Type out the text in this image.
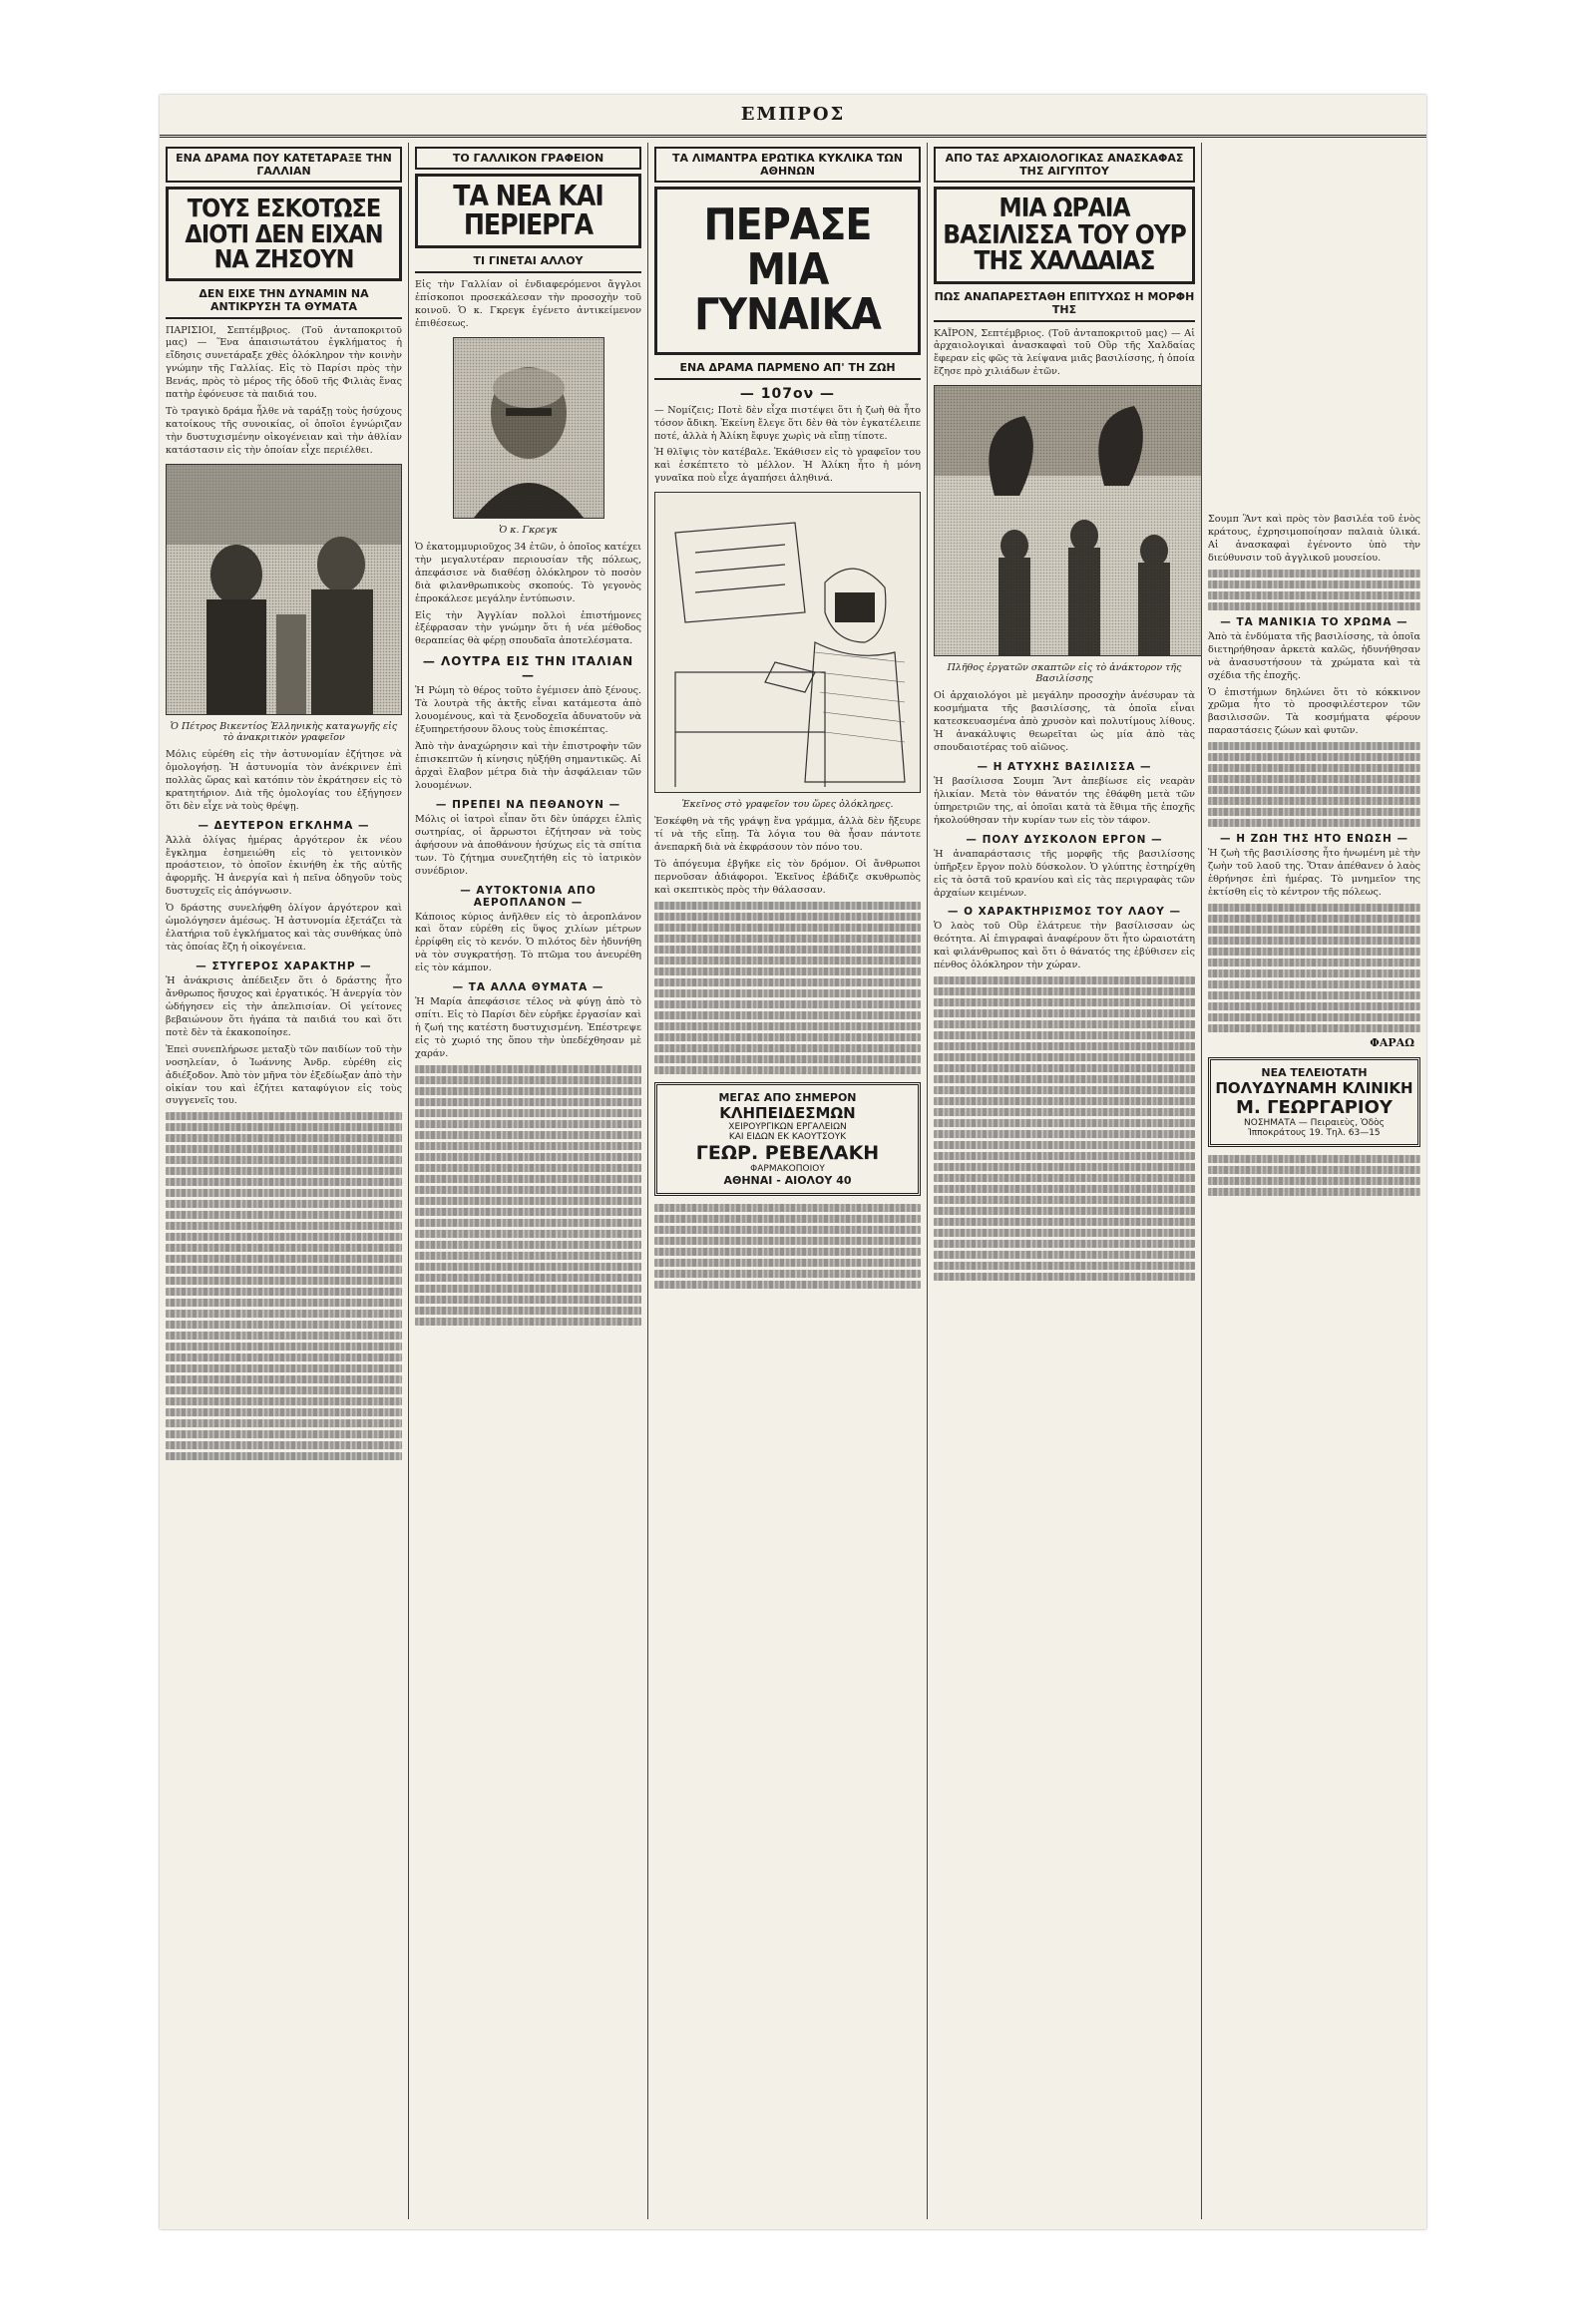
ΕΜΠΡΟΣ
ΕΝΑ ΔΡΑΜΑ ΠΟΥ ΚΑΤΕΤΑΡΑΞΕ ΤΗΝ ΓΑΛΛΙΑΝ
ΤΟΥΣ ΕΣΚΟΤΩΣΕ ΔΙΟΤΙ ΔΕΝ ΕΙΧΑΝ ΝΑ ΖΗΣΟΥΝ
ΔΕΝ ΕΙΧΕ ΤΗΝ ΔΥΝΑΜΙΝ ΝΑ ΑΝΤΙΚΡΥΣΗ ΤΑ ΘΥΜΑΤΑ

ΠΑΡΙΣΙΟΙ, Σεπτέμβριος. (Τοῦ ἀνταποκριτοῦ μας) — Ἕνα ἀπαισιωτάτου ἐγκλήματος ἡ εἴδησις συνετάραξε χθὲς ὁλόκληρον τὴν κοινὴν γνώμην τῆς Γαλλίας. Εἰς τὸ Παρίσι πρὸς τὴν Βενάς, πρὸς τὸ μέρος τῆς ὁδοῦ τῆς Φιλιὰς ἕνας πατὴρ ἐφόνευσε τὰ παιδιά του.

Τὸ τραγικὸ δράμα ἦλθε νὰ ταράξῃ τοὺς ἡσύχους κατοίκους τῆς συνοικίας, οἱ ὁποῖοι ἐγνώριζαν τὴν δυστυχισμένην οἰκογένειαν καὶ τὴν ἀθλίαν κατάστασιν εἰς τὴν ὁποίαν εἶχε περιέλθει.

Ὁ Πέτρος Βικεντίος Ἑλληνικὴς καταγωγῆς εἰς τὸ ἀνακριτικὸν γραφεῖον

Μόλις εὑρέθη εἰς τὴν ἀστυνομίαν ἐζήτησε νὰ ὁμολογήσῃ. Ἡ ἀστυνομία τὸν ἀνέκρινεν ἐπὶ πολλὰς ὥρας καὶ κατόπιν τὸν ἐκράτησεν εἰς τὸ κρατητήριον. Διὰ τῆς ὁμολογίας του ἐξήγησεν ὅτι δὲν εἶχε νὰ τοὺς θρέψῃ.

— ΔΕΥΤΕΡΟΝ ΕΓΚΛΗΜΑ —

Ἀλλὰ ὀλίγας ἡμέρας ἀργότερον ἐκ νέου ἔγκλημα ἐσημειώθη εἰς τὸ γειτονικὸν προάστειον, τὸ ὁποῖον ἐκινήθη ἐκ τῆς αὐτῆς ἀφορμῆς. Ἡ ἀνεργία καὶ ἡ πεῖνα ὁδηγοῦν τοὺς δυστυχεῖς εἰς ἀπόγνωσιν.

Ὁ δράστης συνελήφθη ὀλίγον ἀργότερον καὶ ὡμολόγησεν ἀμέσως. Ἡ ἀστυνομία ἐξετάζει τὰ ἐλατήρια τοῦ ἐγκλήματος καὶ τὰς συνθήκας ὑπὸ τὰς ὁποίας ἔζη ἡ οἰκογένεια.

— ΣΤΥΓΕΡΟΣ ΧΑΡΑΚΤΗΡ —

Ἡ ἀνάκρισις ἀπέδειξεν ὅτι ὁ δράστης ἦτο ἄνθρωπος ἥσυχος καὶ ἐργατικός. Ἡ ἀνεργία τὸν ὡδήγησεν εἰς τὴν ἀπελπισίαν. Οἱ γείτονες βεβαιώνουν ὅτι ἠγάπα τὰ παιδιά του καὶ ὅτι ποτὲ δὲν τὰ ἐκακοποίησε.

Ἐπεὶ συνεπλήρωσε μεταξὺ τῶν παιδίων τοῦ τὴν νοσηλείαν, ὁ Ἰωάννης Ἀνδρ. εὑρέθη εἰς ἀδιέξοδον. Ἀπὸ τὸν μῆνα τὸν ἐξεδίωξαν ἀπὸ τὴν οἰκίαν του καὶ ἐζήτει καταφύγιον εἰς τοὺς συγγενεῖς του.

ΤΟ ΓΑΛΛΙΚΟΝ ΓΡΑΦΕΙΟΝ
ΤΑ ΝΕΑ ΚΑΙ ΠΕΡΙΕΡΓΑ
ΤΙ ΓΙΝΕΤΑΙ ΑΛΛΟΥ

Εἰς τὴν Γαλλίαν οἱ ἐνδιαφερόμενοι ἄγγλοι ἐπίσκοποι προσεκάλεσαν τὴν προσοχὴν τοῦ κοινοῦ. Ὁ κ. Γκρεγκ ἐγένετο ἀντικείμενον ἐπιθέσεως.

Ὁ κ. Γκρεγκ

Ὁ ἐκατομμυριοῦχος 34 ἐτῶν, ὁ ὁποῖος κατέχει τὴν μεγαλυτέραν περιουσίαν τῆς πόλεως, ἀπεφάσισε νὰ διαθέσῃ ὁλόκληρον τὸ ποσὸν διὰ φιλανθρωπικοὺς σκοπούς. Τὸ γεγονὸς ἐπροκάλεσε μεγάλην ἐντύπωσιν.

Εἰς τὴν Ἀγγλίαν πολλοὶ ἐπιστήμονες ἐξέφρασαν τὴν γνώμην ὅτι ἡ νέα μέθοδος θεραπείας θὰ φέρῃ σπουδαῖα ἀποτελέσματα.

— ΛΟΥΤΡΑ ΕΙΣ ΤΗΝ ΙΤΑΛΙΑΝ —

Ἡ Ρώμη τὸ θέρος τοῦτο ἐγέμισεν ἀπὸ ξένους. Τὰ λουτρὰ τῆς ἀκτῆς εἶναι κατάμεστα ἀπὸ λουομένους, καὶ τὰ ξενοδοχεῖα ἀδυνατοῦν νὰ ἐξυπηρετήσουν ὅλους τοὺς ἐπισκέπτας.

Ἀπὸ τὴν ἀναχώρησιν καὶ τὴν ἐπιστροφὴν τῶν ἐπισκεπτῶν ἡ κίνησις ηὐξήθη σημαντικῶς. Αἱ ἀρχαὶ ἔλαβον μέτρα διὰ τὴν ἀσφάλειαν τῶν λουομένων.

— ΠΡΕΠΕΙ ΝΑ ΠΕΘΑΝΟΥΝ —

Μόλις οἱ ἰατροὶ εἶπαν ὅτι δὲν ὑπάρχει ἐλπὶς σωτηρίας, οἱ ἄρρωστοι ἐζήτησαν νὰ τοὺς ἀφήσουν νὰ ἀποθάνουν ἡσύχως εἰς τὰ σπίτια των. Τὸ ζήτημα συνεζητήθη εἰς τὸ ἰατρικὸν συνέδριον.

— ΑΥΤΟΚΤΟΝΙΑ ΑΠΟ ΑΕΡΟΠΛΑΝΟΝ —

Κάποιος κύριος ἀνῆλθεν εἰς τὸ ἀεροπλάνον καὶ ὅταν εὑρέθη εἰς ὕψος χιλίων μέτρων ἐρρίφθη εἰς τὸ κενόν. Ὁ πιλότος δὲν ἠδυνήθη νὰ τὸν συγκρατήσῃ. Τὸ πτῶμα του ἀνευρέθη εἰς τὸν κάμπον.

— ΤΑ ΑΛΛΑ ΘΥΜΑΤΑ —

Ἡ Μαρία ἀπεφάσισε τέλος νὰ φύγῃ ἀπὸ τὸ σπίτι. Εἰς τὸ Παρίσι δὲν εὑρῆκε ἐργασίαν καὶ ἡ ζωή της κατέστη δυστυχισμένη. Ἐπέστρεψε εἰς τὸ χωριό της ὅπου τὴν ὑπεδέχθησαν μὲ χαράν.

ΤΑ ΛΙΜΑΝΤΡΑ ΕΡΩΤΙΚΑ ΚΥΚΛΙΚΑ ΤΩΝ ΑΘΗΝΩΝ
ΠΕΡΑΣΕ ΜΙΑ ΓΥΝΑΙΚΑ
ΕΝΑ ΔΡΑΜΑ ΠΑΡΜΕΝΟ ΑΠ' ΤΗ ΖΩΗ
— 107ον —

— Νομίζεις; Ποτὲ δὲν εἶχα πιστέψει ὅτι ἡ ζωὴ θὰ ἦτο τόσον ἄδικη. Ἐκείνη ἔλεγε ὅτι δὲν θὰ τὸν ἐγκατέλειπε ποτέ, ἀλλὰ ἡ Ἀλίκη ἔφυγε χωρὶς νὰ εἴπῃ τίποτε.

Ἡ θλῖψις τὸν κατέβαλε. Ἐκάθισεν εἰς τὸ γραφεῖον του καὶ ἐσκέπτετο τὸ μέλλον. Ἡ Ἀλίκη ἦτο ἡ μόνη γυναῖκα ποὺ εἶχε ἀγαπήσει ἀληθινά.

Ἐκεῖνος στὸ γραφεῖον του ὥρες ὁλόκληρες.

Ἐσκέφθη νὰ τῆς γράψῃ ἕνα γράμμα, ἀλλὰ δὲν ἤξευρε τί νὰ τῆς εἴπῃ. Τὰ λόγια του θὰ ἦσαν πάντοτε ἀνεπαρκῆ διὰ νὰ ἐκφράσουν τὸν πόνο του.

Τὸ ἀπόγευμα ἐβγῆκε εἰς τὸν δρόμον. Οἱ ἄνθρωποι περνοῦσαν ἀδιάφοροι. Ἐκεῖνος ἐβάδιζε σκυθρωπὸς καὶ σκεπτικὸς πρὸς τὴν θάλασσαν.

ΜΕΓΑΣ ΑΠΟ ΣΗΜΕΡΟΝ
ΚΛΗΠΕΙΔΕΣΜΩΝ
ΧΕΙΡΟΥΡΓΙΚΩΝ ΕΡΓΑΛΕΙΩΝ
ΚΑΙ ΕΙΔΩΝ ΕΚ ΚΑΟΥΤΣΟΥΚ
ΓΕΩΡ. ΡΕΒΕΛΑΚΗ
ΦΑΡΜΑΚΟΠΟΙΟΥ
ΑΘΗΝΑΙ - ΑΙΟΛΟΥ 40
ΑΠΟ ΤΑΣ ΑΡΧΑΙΟΛΟΓΙΚΑΣ ΑΝΑΣΚΑΦΑΣ ΤΗΣ ΑΙΓΥΠΤΟΥ
ΜΙΑ ΩΡΑΙΑ ΒΑΣΙΛΙΣΣΑ ΤΟΥ ΟΥΡ ΤΗΣ ΧΑΛΔΑΙΑΣ
ΠΩΣ ΑΝΑΠΑΡΕΣΤΑΘΗ ΕΠΙΤΥΧΩΣ Η ΜΟΡΦΗ ΤΗΣ

ΚΑΪΡΟΝ, Σεπτέμβριος. (Τοῦ ἀνταποκριτοῦ μας) — Αἱ ἀρχαιολογικαὶ ἀνασκαφαὶ τοῦ Οὒρ τῆς Χαλδαίας ἔφεραν εἰς φῶς τὰ λείψανα μιᾶς βασιλίσσης, ἡ ὁποία ἔζησε πρὸ χιλιάδων ἐτῶν.

Πλῆθος ἐργατῶν σκαπτῶν εἰς τὸ ἀνάκτορον τῆς Βασιλίσσης

Οἱ ἀρχαιολόγοι μὲ μεγάλην προσοχὴν ἀνέσυραν τὰ κοσμήματα τῆς βασιλίσσης, τὰ ὁποῖα εἶναι κατεσκευασμένα ἀπὸ χρυσὸν καὶ πολυτίμους λίθους. Ἡ ἀνακάλυψις θεωρεῖται ὡς μία ἀπὸ τὰς σπουδαιοτέρας τοῦ αἰῶνος.

— Η ΑΤΥΧΗΣ ΒΑΣΙΛΙΣΣΑ —

Ἡ βασίλισσα Σουμπ Ἂντ ἀπεβίωσε εἰς νεαρὰν ἡλικίαν. Μετὰ τὸν θάνατόν της ἐθάφθη μετὰ τῶν ὑπηρετριῶν της, αἱ ὁποῖαι κατὰ τὰ ἔθιμα τῆς ἐποχῆς ἠκολούθησαν τὴν κυρίαν των εἰς τὸν τάφον.

— ΠΟΛΥ ΔΥΣΚΟΛΟΝ ΕΡΓΟΝ —

Ἡ ἀναπαράστασις τῆς μορφῆς τῆς βασιλίσσης ὑπῆρξεν ἔργον πολὺ δύσκολον. Ὁ γλύπτης ἐστηρίχθη εἰς τὰ ὀστᾶ τοῦ κρανίου καὶ εἰς τὰς περιγραφὰς τῶν ἀρχαίων κειμένων.

— Ο ΧΑΡΑΚΤΗΡΙΣΜΟΣ ΤΟΥ ΛΑΟΥ —

Ὁ λαὸς τοῦ Οὒρ ἐλάτρευε τὴν βασίλισσαν ὡς θεότητα. Αἱ ἐπιγραφαὶ ἀναφέρουν ὅτι ἦτο ὡραιοτάτη καὶ φιλάνθρωπος καὶ ὅτι ὁ θάνατός της ἐβύθισεν εἰς πένθος ὁλόκληρον τὴν χώραν.

Σουμπ Ἂντ καὶ πρὸς τὸν βασιλέα τοῦ ἐνὸς κράτους, ἐχρησιμοποίησαν παλαιὰ ὑλικά. Αἱ ἀνασκαφαὶ ἐγένοντο ὑπὸ τὴν διεύθυνσιν τοῦ ἀγγλικοῦ μουσείου.

— ΤΑ ΜΑΝΙΚΙΑ ΤΟ ΧΡΩΜΑ —

Ἀπὸ τὰ ἐνδύματα τῆς βασιλίσσης, τὰ ὁποῖα διετηρήθησαν ἀρκετὰ καλῶς, ἠδυνήθησαν νὰ ἀνασυστήσουν τὰ χρώματα καὶ τὰ σχέδια τῆς ἐποχῆς.

Ὁ ἐπιστήμων δηλώνει ὅτι τὸ κόκκινον χρῶμα ἦτο τὸ προσφιλέστερον τῶν βασιλισσῶν. Τὰ κοσμήματα φέρουν παραστάσεις ζώων καὶ φυτῶν.

— Η ΖΩΗ ΤΗΣ ΗΤΟ ΕΝΩΣΗ —

Ἡ ζωὴ τῆς βασιλίσσης ἦτο ἡνωμένη μὲ τὴν ζωὴν τοῦ λαοῦ της. Ὅταν ἀπέθανεν ὁ λαὸς ἐθρήνησε ἐπὶ ἡμέρας. Τὸ μνημεῖον της ἐκτίσθη εἰς τὸ κέντρον τῆς πόλεως.

ΦΑΡΑΩ
ΝΕΑ ΤΕΛΕΙΟΤΑΤΗ
ΠΟΛΥΔΥΝΑΜΗ ΚΛΙΝΙΚΗ
Μ. ΓΕΩΡΓΑΡΙΟΥ
ΝΟΣΗΜΑΤΑ — Πειραιεὺς, Ὁδὸς Ἰπποκράτους 19. Τηλ. 63—15
